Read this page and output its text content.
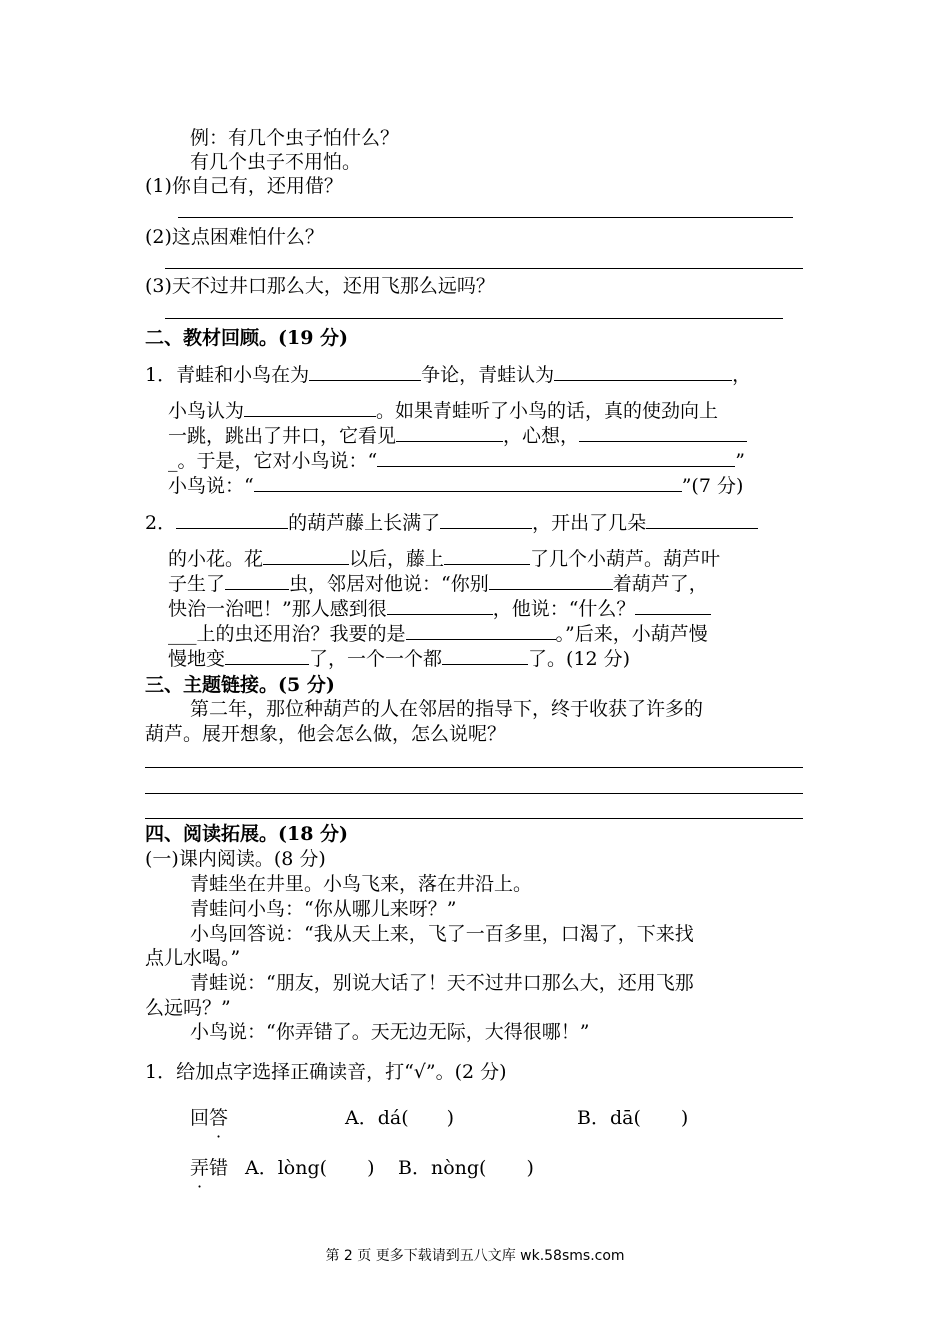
例：有几个虫子怕什么？
有几个虫子不用怕。
(1)你自己有，还用借？
(2)这点困难怕什么？
(3)天不过井口那么大，还用飞那么远吗？
二、教材回顾。(19 分)
1．青蛙和小鸟在为	争论，青蛙认为	，
小鸟认为	。如果青蛙听了小鸟的话，真的使劲向上
一跳，跳出了井口，它看见	，心想，
_。于是，它对小鸟说：“	”
小鸟说：“	”(7 分)
2．	的葫芦藤上长满了	，开出了几朵
的小花。花	以后，藤上	了几个小葫芦。葫芦叶
子生了	虫，邻居对他说：“你别	着葫芦了，
快治一治吧！”那人感到很	，他说：“什么？
___上的虫还用治？我要的是	。”后来，小葫芦慢
慢地变	了，一个一个都	了。(12 分)
三、主题链接。(5 分)
第二年，那位种葫芦的人在邻居的指导下，终于收获了许多的
葫芦。展开想象，他会怎么做，怎么说呢？
四、阅读拓展。(18 分)
(一)课内阅读。(8 分)
青蛙坐在井里。小鸟飞来，落在井沿上。
青蛙问小鸟：“你从哪儿来呀？”
小鸟回答说：“我从天上来，飞了一百多里，口渴了，下来找
点儿水喝。”
青蛙说：“朋友，别说大话了！天不过井口那么大，还用飞那
么远吗？”
小鸟说：“你弄错了。天无边无际，大得很哪！”
1．给加点字选择正确读音，打“√”。(2 分)
回答	A．dá( )	B．dā( )
弄错 A．lòng( ) B．nòng( )
第 2 页 更多下载请到五八文库 wk.58sms.com
